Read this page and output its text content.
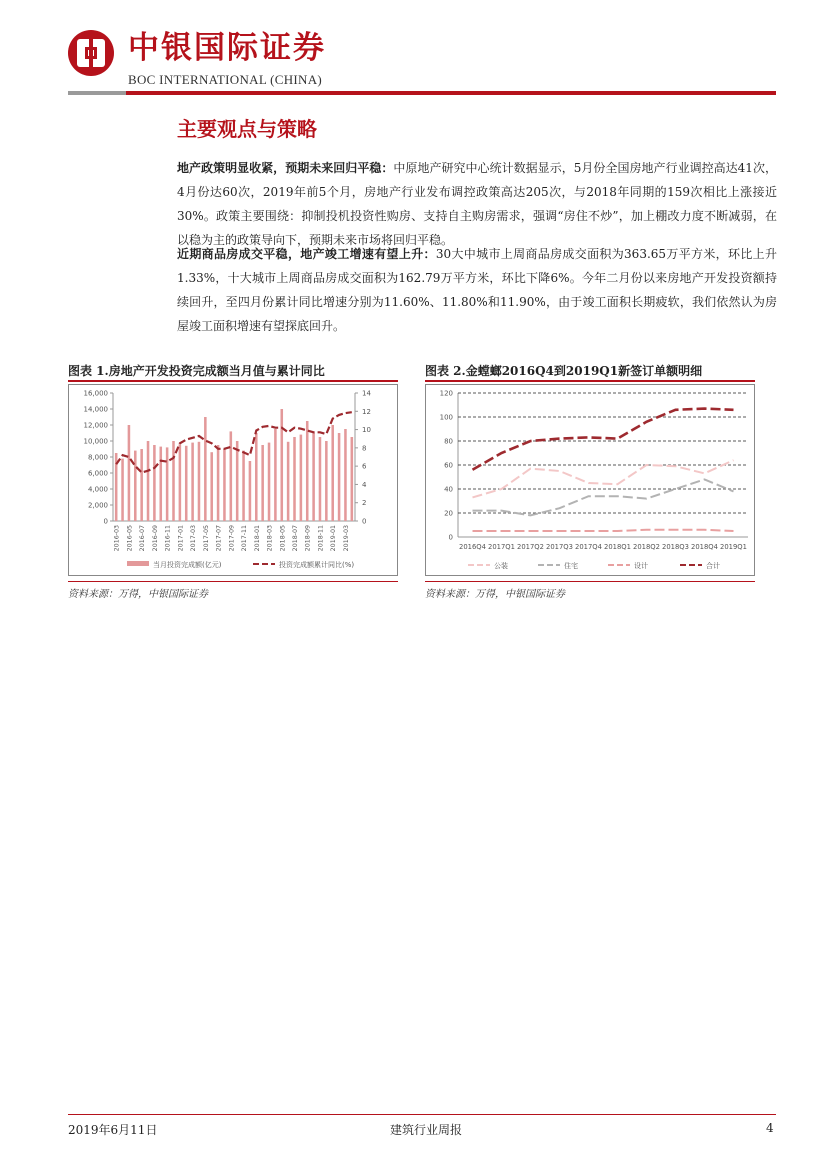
中银国际证券
BOC INTERNATIONAL (CHINA)
主要观点与策略
地产政策明显收紧，预期未来回归平稳：中原地产研究中心统计数据显示，5月份全国房地产行业调控高达41次，4月份达60次，2019年前5个月，房地产行业发布调控政策高达205次，与2018年同期的159次相比上涨接近30%。政策主要围绕：抑制投机投资性购房、支持自主购房需求，强调“房住不炒”，加上棚改力度不断减弱，在以稳为主的政策导向下，预期未来市场将回归平稳。
近期商品房成交平稳，地产竣工增速有望上升：30大中城市上周商品房成交面积为363.65万平方米，环比上升1.33%，十大城市上周商品房成交面积为162.79万平方米，环比下降6%。今年二月份以来房地产开发投资额持续回升，至四月份累计同比增速分别为11.60%、11.80%和11.90%，由于竣工面积长期疲软，我们依然认为房屋竣工面积增速有望探底回升。
图表 1.房地产开发投资完成额当月值与累计同比
0
2,000
4,000
6,000
8,000
10,000
12,000
14,000
16,000
0
2
4
6
8
10
12
14
2016-03 2016-05 2016-07 2016-09 2016-11 2017-01 2017-03 2017-05 2017-07 2017-09 2017-11 2018-01 2018-03 2018-05 2018-07 2018-09 2018-11 2019-01 2019-03
当月投资完成额(亿元)	投资完成额累计同比(%)
资料来源：万得，中银国际证券
图表 2.金螳螂2016Q4到2019Q1新签订单额明细
0
20
40
60
80
100
120
2016Q4 2017Q1 2017Q2 2017Q3 2017Q4 2018Q1 2018Q2 2018Q3 2018Q4 2019Q1
公装	住宅	设计	合计
资料来源：万得，中银国际证券
2019年6月11日	建筑行业周报	4
